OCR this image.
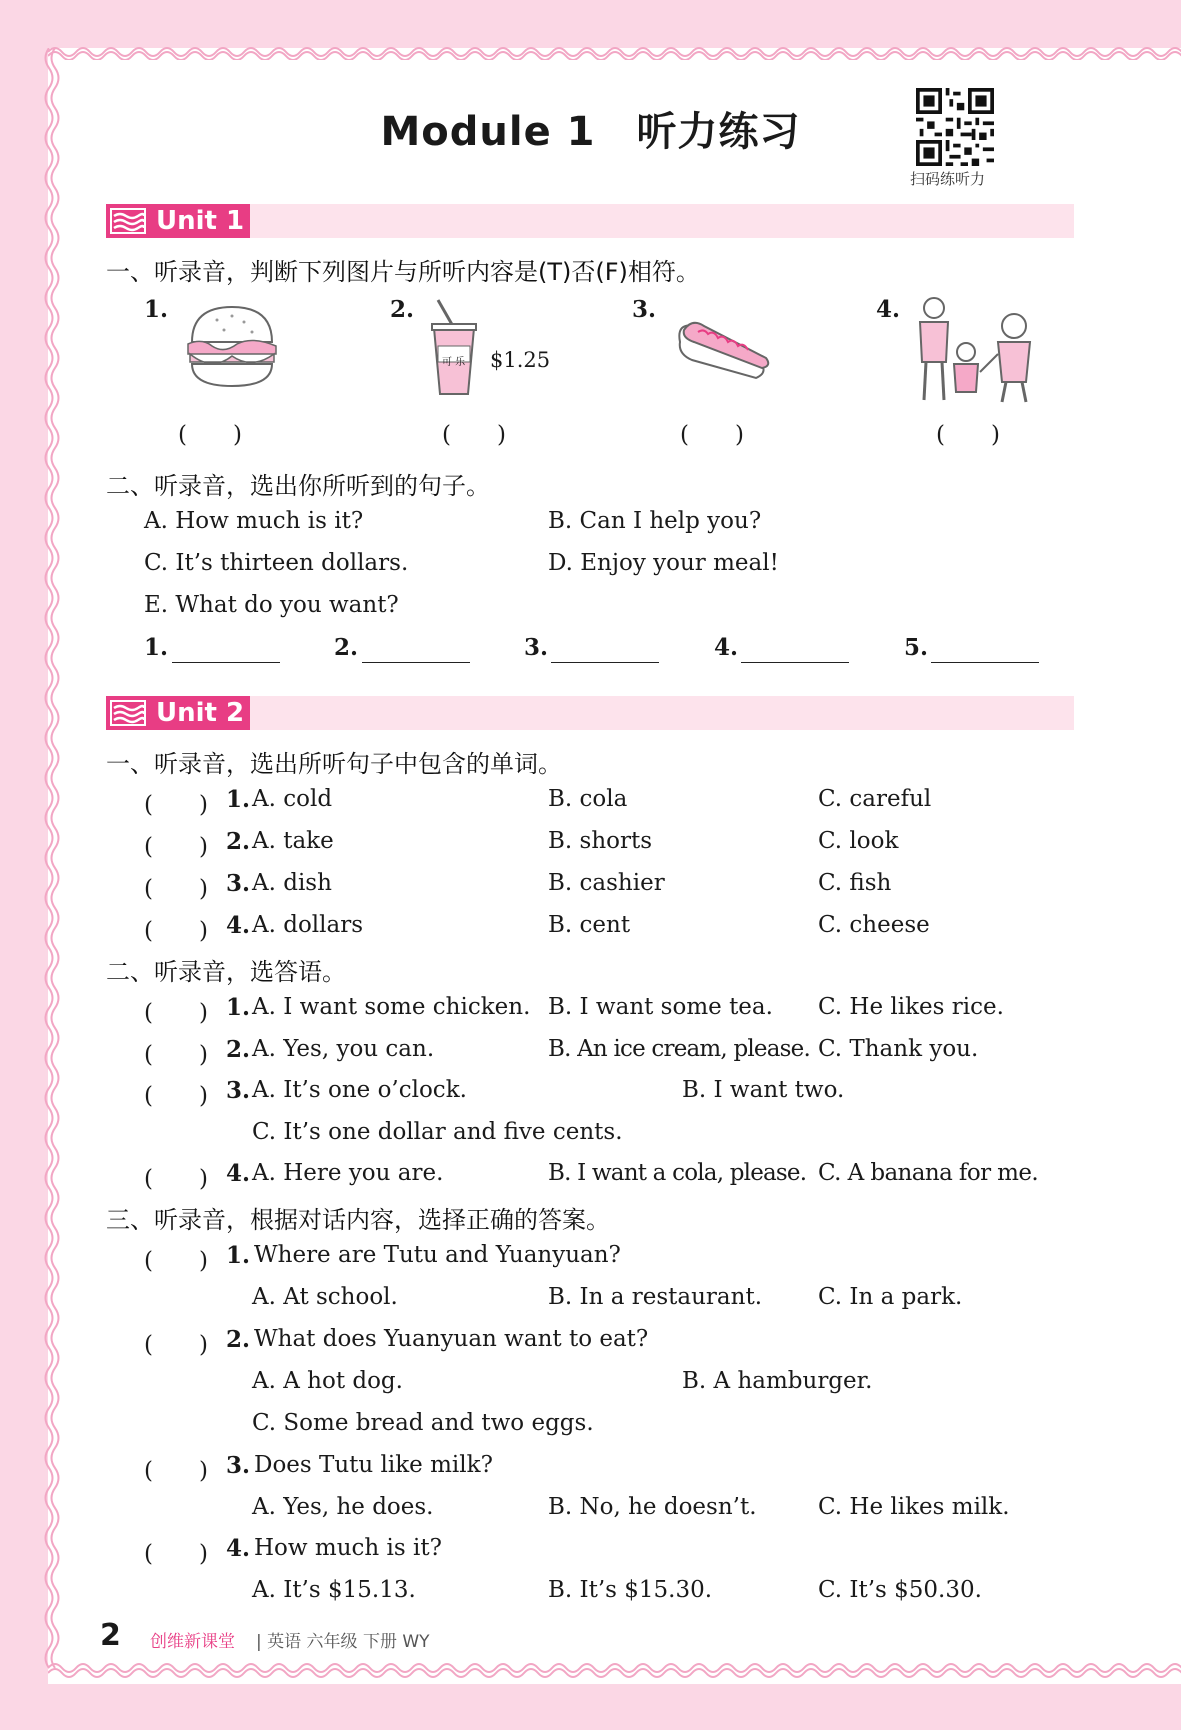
Module 1　听力练习
扫码练听力
Unit 1
一、听录音，判断下列图片与所听内容是(T)否(F)相符。
1.	2.	3.	4.
(　　)
可 乐 $1.25
(　　)	(　　)	(　　)
二、听录音，选出你所听到的句子。
A. How much is it?	B. Can I help you?
C. It’s thirteen dollars.	D. Enjoy your meal!
E. What do you want?
1.	2.	3.	4.	5.
Unit 2
一、听录音，选出所听句子中包含的单词。
(　　) 1. A. cold	B. cola	C. careful
(　　) 2. A. take	B. shorts	C. look
(　　) 3. A. dish	B. cashier	C. fish
(　　) 4. A. dollars	B. cent	C. cheese
二、听录音，选答语。
(　　) 1. A. I want some chicken. B. I want some tea. C. He likes rice.
(　　) 2. A. Yes, you can.	B. An ice cream, please. C. Thank you.
(　　) 3. A. It’s one o’clock.	B. I want two.
C. It’s one dollar and five cents.
(　　) 4. A. Here you are.	B. I want a cola, please. C. A banana for me.
三、听录音，根据对话内容，选择正确的答案。
(　　) 1. Where are Tutu and Yuanyuan?
A. At school.	B. In a restaurant. C. In a park.
(　　) 2. What does Yuanyuan want to eat?
A. A hot dog.	B. A hamburger.
C. Some bread and two eggs.
(　　) 3. Does Tutu like milk?
A. Yes, he does.	B. No, he doesn’t.	C. He likes milk.
(　　) 4. How much is it?
A. It’s $15.13.	B. It’s $15.30.	C. It’s $50.30.
2 创维新课堂 | 英语 六年级 下册 WY
